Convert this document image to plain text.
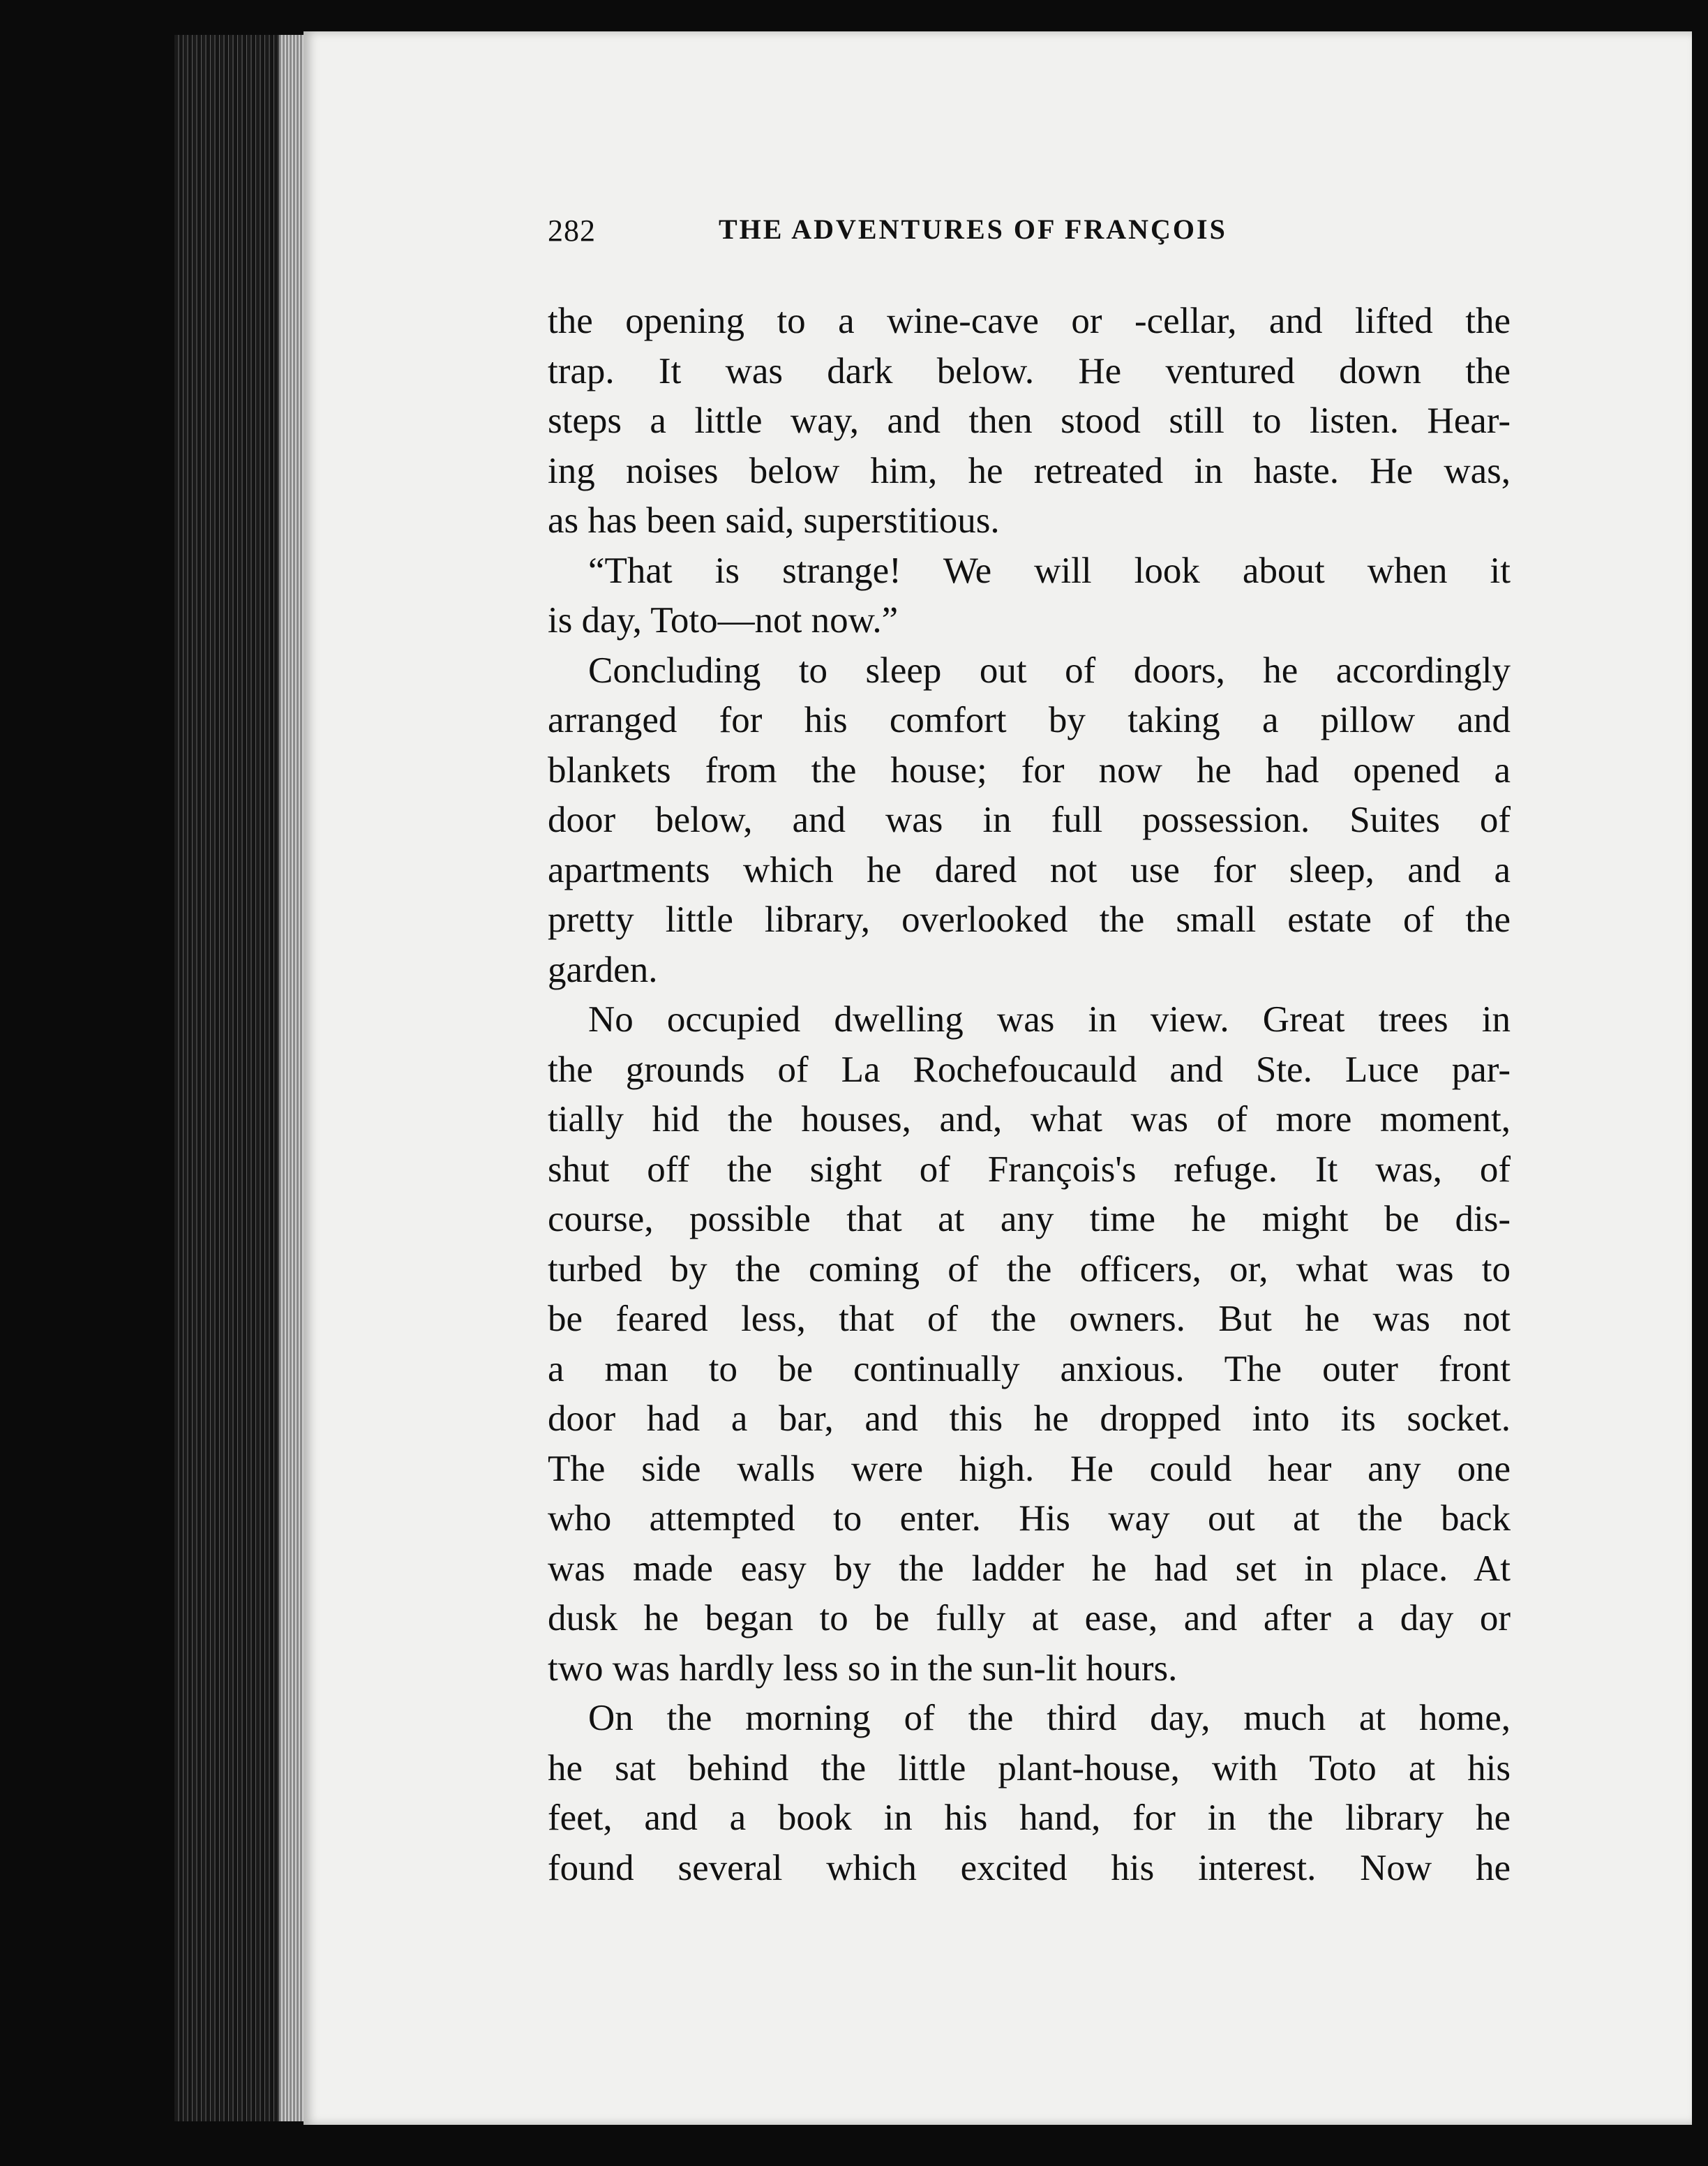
282	THE ADVENTURES OF FRANÇOIS
the opening to a wine-cave or -cellar, and lifted the
trap. It was dark below. He ventured down the
steps a little way, and then stood still to listen. Hear-
ing noises below him, he retreated in haste. He was,
as has been said, superstitious.
“That is strange! We will look about when it
is day, Toto—not now.”
Concluding to sleep out of doors, he accordingly
arranged for his comfort by taking a pillow and
blankets from the house; for now he had opened a
door below, and was in full possession. Suites of
apartments which he dared not use for sleep, and a
pretty little library, overlooked the small estate of the
garden.
No occupied dwelling was in view. Great trees in
the grounds of La Rochefoucauld and Ste. Luce par-
tially hid the houses, and, what was of more moment,
shut off the sight of François's refuge. It was, of
course, possible that at any time he might be dis-
turbed by the coming of the officers, or, what was to
be feared less, that of the owners. But he was not
a man to be continually anxious. The outer front
door had a bar, and this he dropped into its socket.
The side walls were high. He could hear any one
who attempted to enter. His way out at the back
was made easy by the ladder he had set in place. At
dusk he began to be fully at ease, and after a day or
two was hardly less so in the sun-lit hours.
On the morning of the third day, much at home,
he sat behind the little plant-house, with Toto at his
feet, and a book in his hand, for in the library he
found several which excited his interest. Now he
